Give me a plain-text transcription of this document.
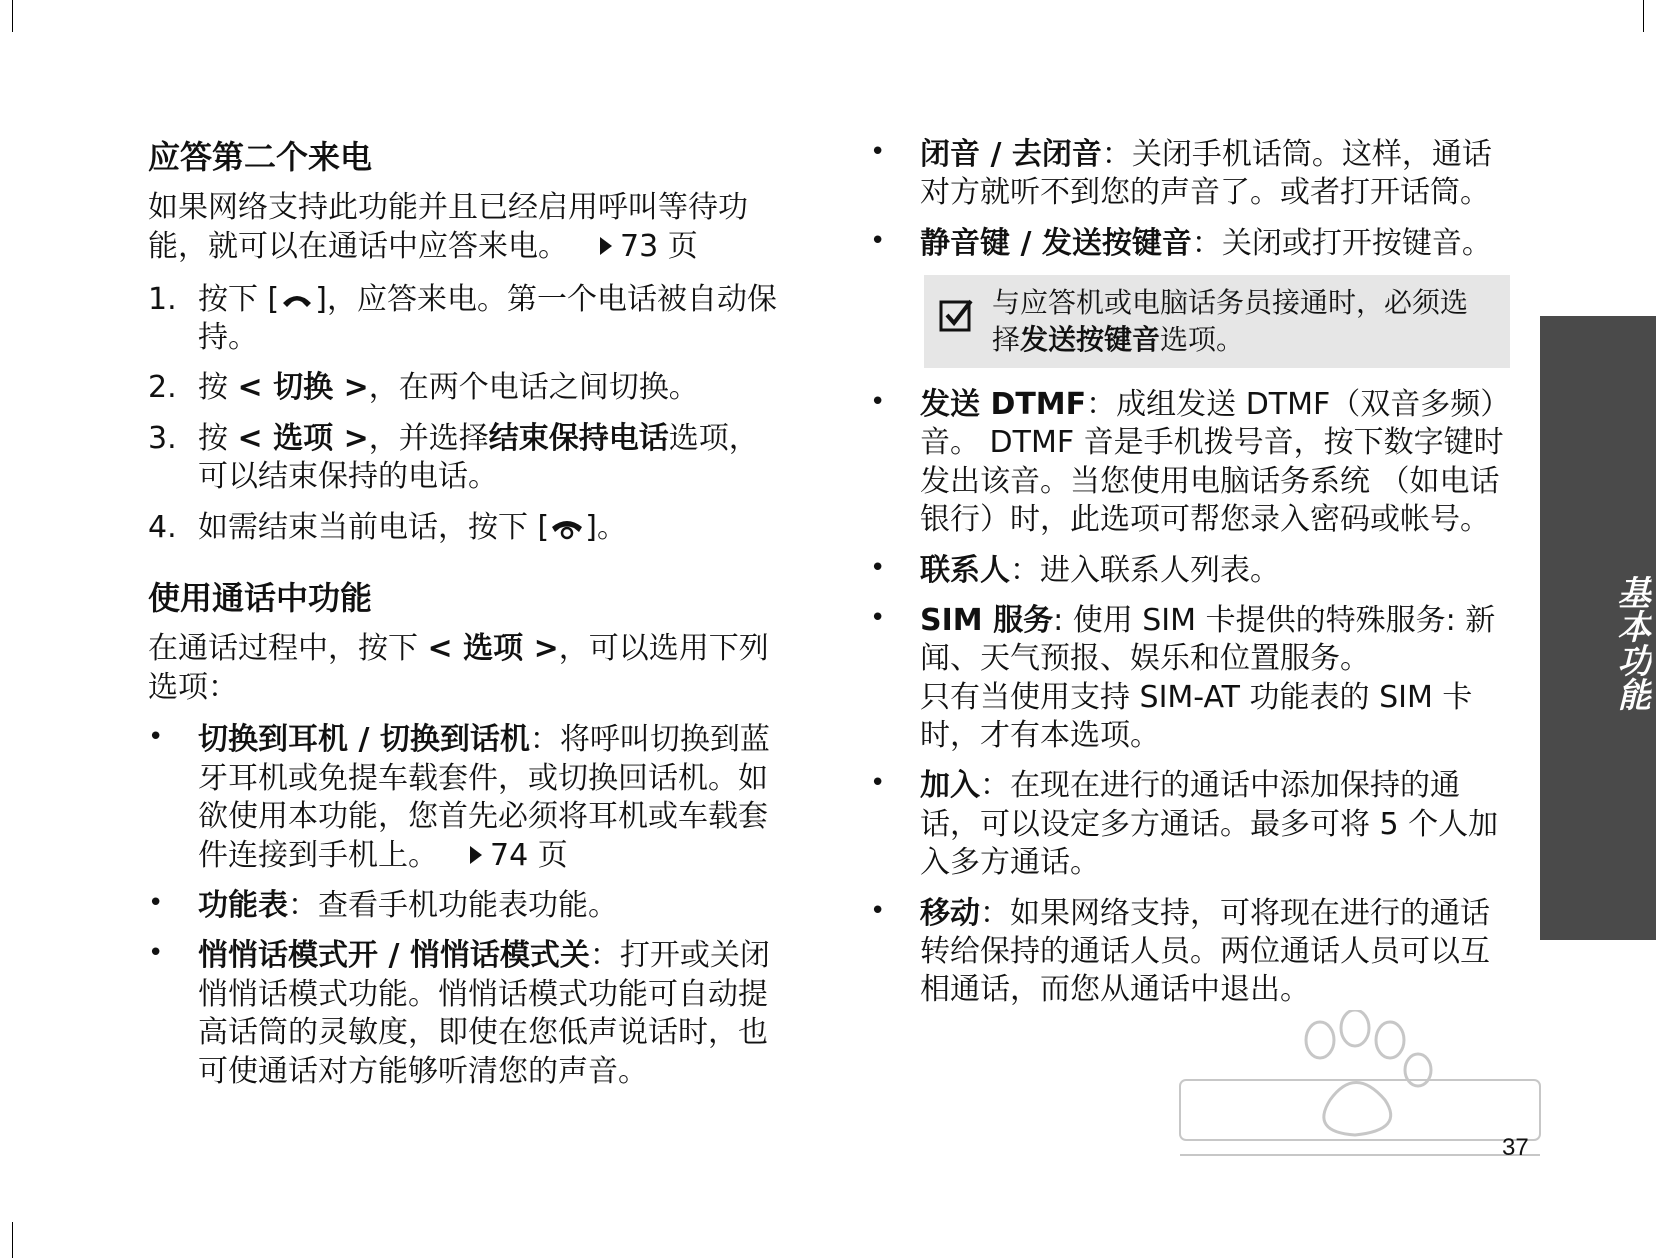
应答第二个来电
如果网络支持此功能并且已经启用呼叫等待功能，就可以在通话中应答来电。 73 页
1. 按下 [ ]，应答来电。第一个电话被自动保持。
2. 按 < 切换 >，在两个电话之间切换。
3. 按 < 选项 >，并选择结束保持电话选项，可以结束保持的电话。
4. 如需结束当前电话，按下 [ ]。
使用通话中功能
在通话过程中，按下 < 选项 >，可以选用下列选项：
•	切换到耳机 / 切换到话机：将呼叫切换到蓝牙耳机或免提车载套件，或切换回话机。如欲使用本功能，您首先必须将耳机或车载套件连接到手机上。 74 页
•	功能表：查看手机功能表功能。
•	悄悄话模式开 / 悄悄话模式关：打开或关闭悄悄话模式功能。悄悄话模式功能可自动提高话筒的灵敏度，即使在您低声说话时，也可使通话对方能够听清您的声音。
•	闭音 / 去闭音：关闭手机话筒。这样，通话对方就听不到您的声音了。或者打开话筒。
•	静音键 / 发送按键音：关闭或打开按键音。
与应答机或电脑话务员接通时，必须选择发送按键音选项。
•	发送 DTMF：成组发送 DTMF（双音多频）音。 DTMF 音是手机拨号音，按下数字键时发出该音。当您使用电脑话务系统 （如电话银行）时，此选项可帮您录入密码或帐号。
•	联系人：进入联系人列表。
•	SIM 服务: 使用 SIM 卡提供的特殊服务: 新闻、天气预报、娱乐和位置服务。
只有当使用支持 SIM-AT 功能表的 SIM 卡时，才有本选项。
•	加入：在现在进行的通话中添加保持的通话，可以设定多方通话。最多可将 5 个人加入多方通话。
•	移动：如果网络支持，可将现在进行的通话转给保持的通话人员。两位通话人员可以互相通话，而您从通话中退出。
基本功能
37
